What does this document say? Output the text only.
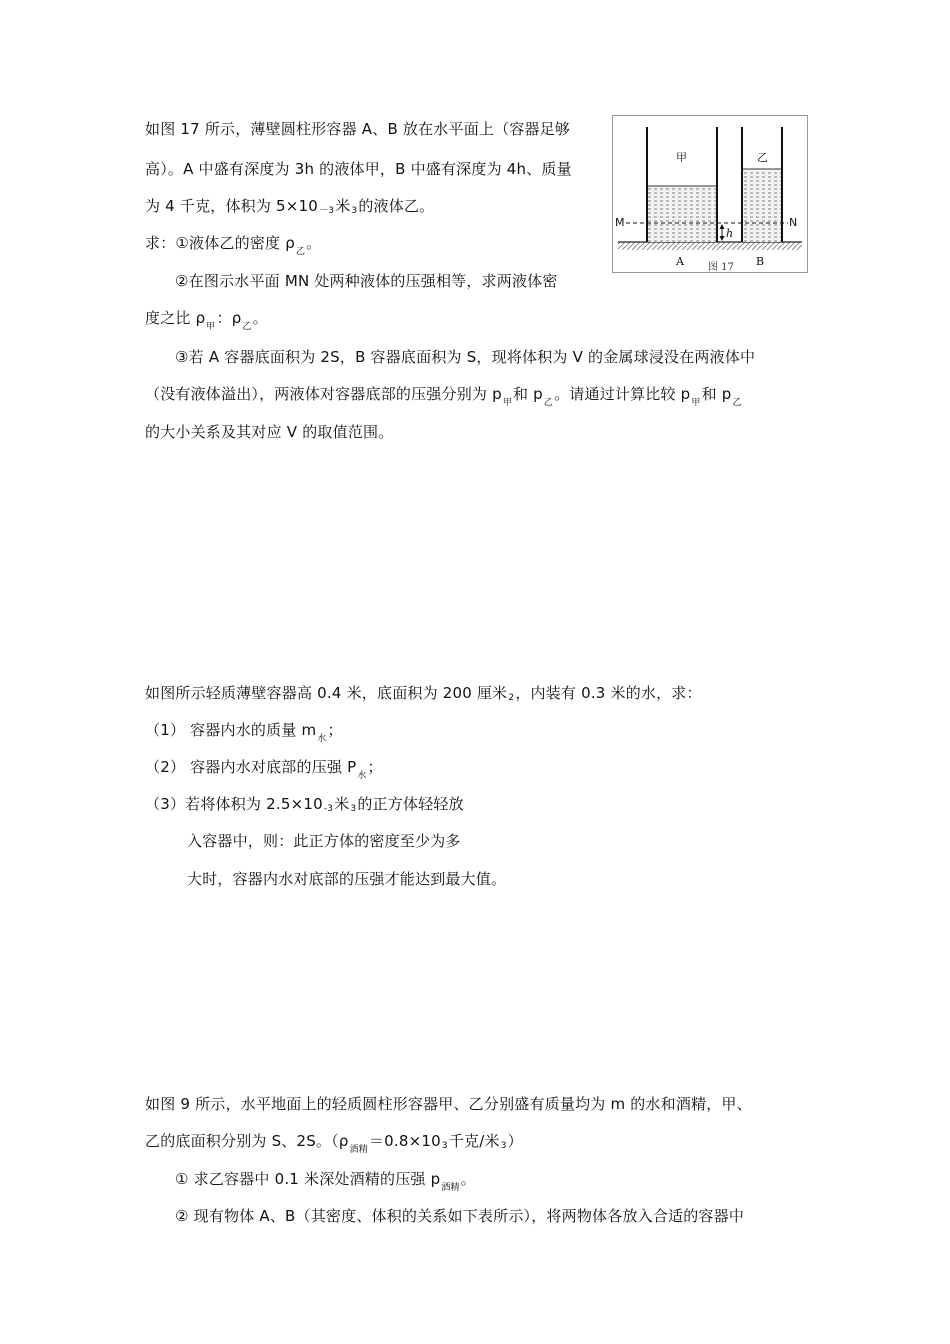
如图 17 所示，薄壁圆柱形容器 A、B 放在水平面上（容器足够
高）。A 中盛有深度为 3h 的液体甲，B 中盛有深度为 4h、质量
为 4 千克，体积为 5×10－3米3的液体乙。
求：①液体乙的密度 $\rho_乙$。
②在图示水平面 MN 处两种液体的压强相等，求两液体密
度之比 $\rho_甲$：$\rho_乙$。
③若 A 容器底面积为 2S，B 容器底面积为 S，现将体积为 V 的金属球浸没在两液体中
（没有液体溢出），两液体对容器底部的压强分别为 $p_甲$和 $p_乙$。请通过计算比较 $p_甲$和 $p_乙$
的大小关系及其对应 V 的取值范围。
甲	乙
M	N
h
A	B
图 17
如图所示轻质薄壁容器高 0.4 米，底面积为 200 厘米2，内装有 0.3 米的水，求：
（1） 容器内水的质量 $m_水$；
（2） 容器内水对底部的压强 $P_水$；
（3）若将体积为 2.5×10-3米3的正方体轻轻放
入容器中，则：此正方体的密度至少为多
大时，容器内水对底部的压强才能达到最大值。
如图 9 所示，水平地面上的轻质圆柱形容器甲、乙分别盛有质量均为 m 的水和酒精，甲、
乙的底面积分别为 S、2S。（$\rho_{酒精}=0.8\times 103$千克/米3）
① 求乙容器中 0.1 米深处酒精的压强 $p_{酒精}$。
② 现有物体 A、B（其密度、体积的关系如下表所示），将两物体各放入合适的容器中
